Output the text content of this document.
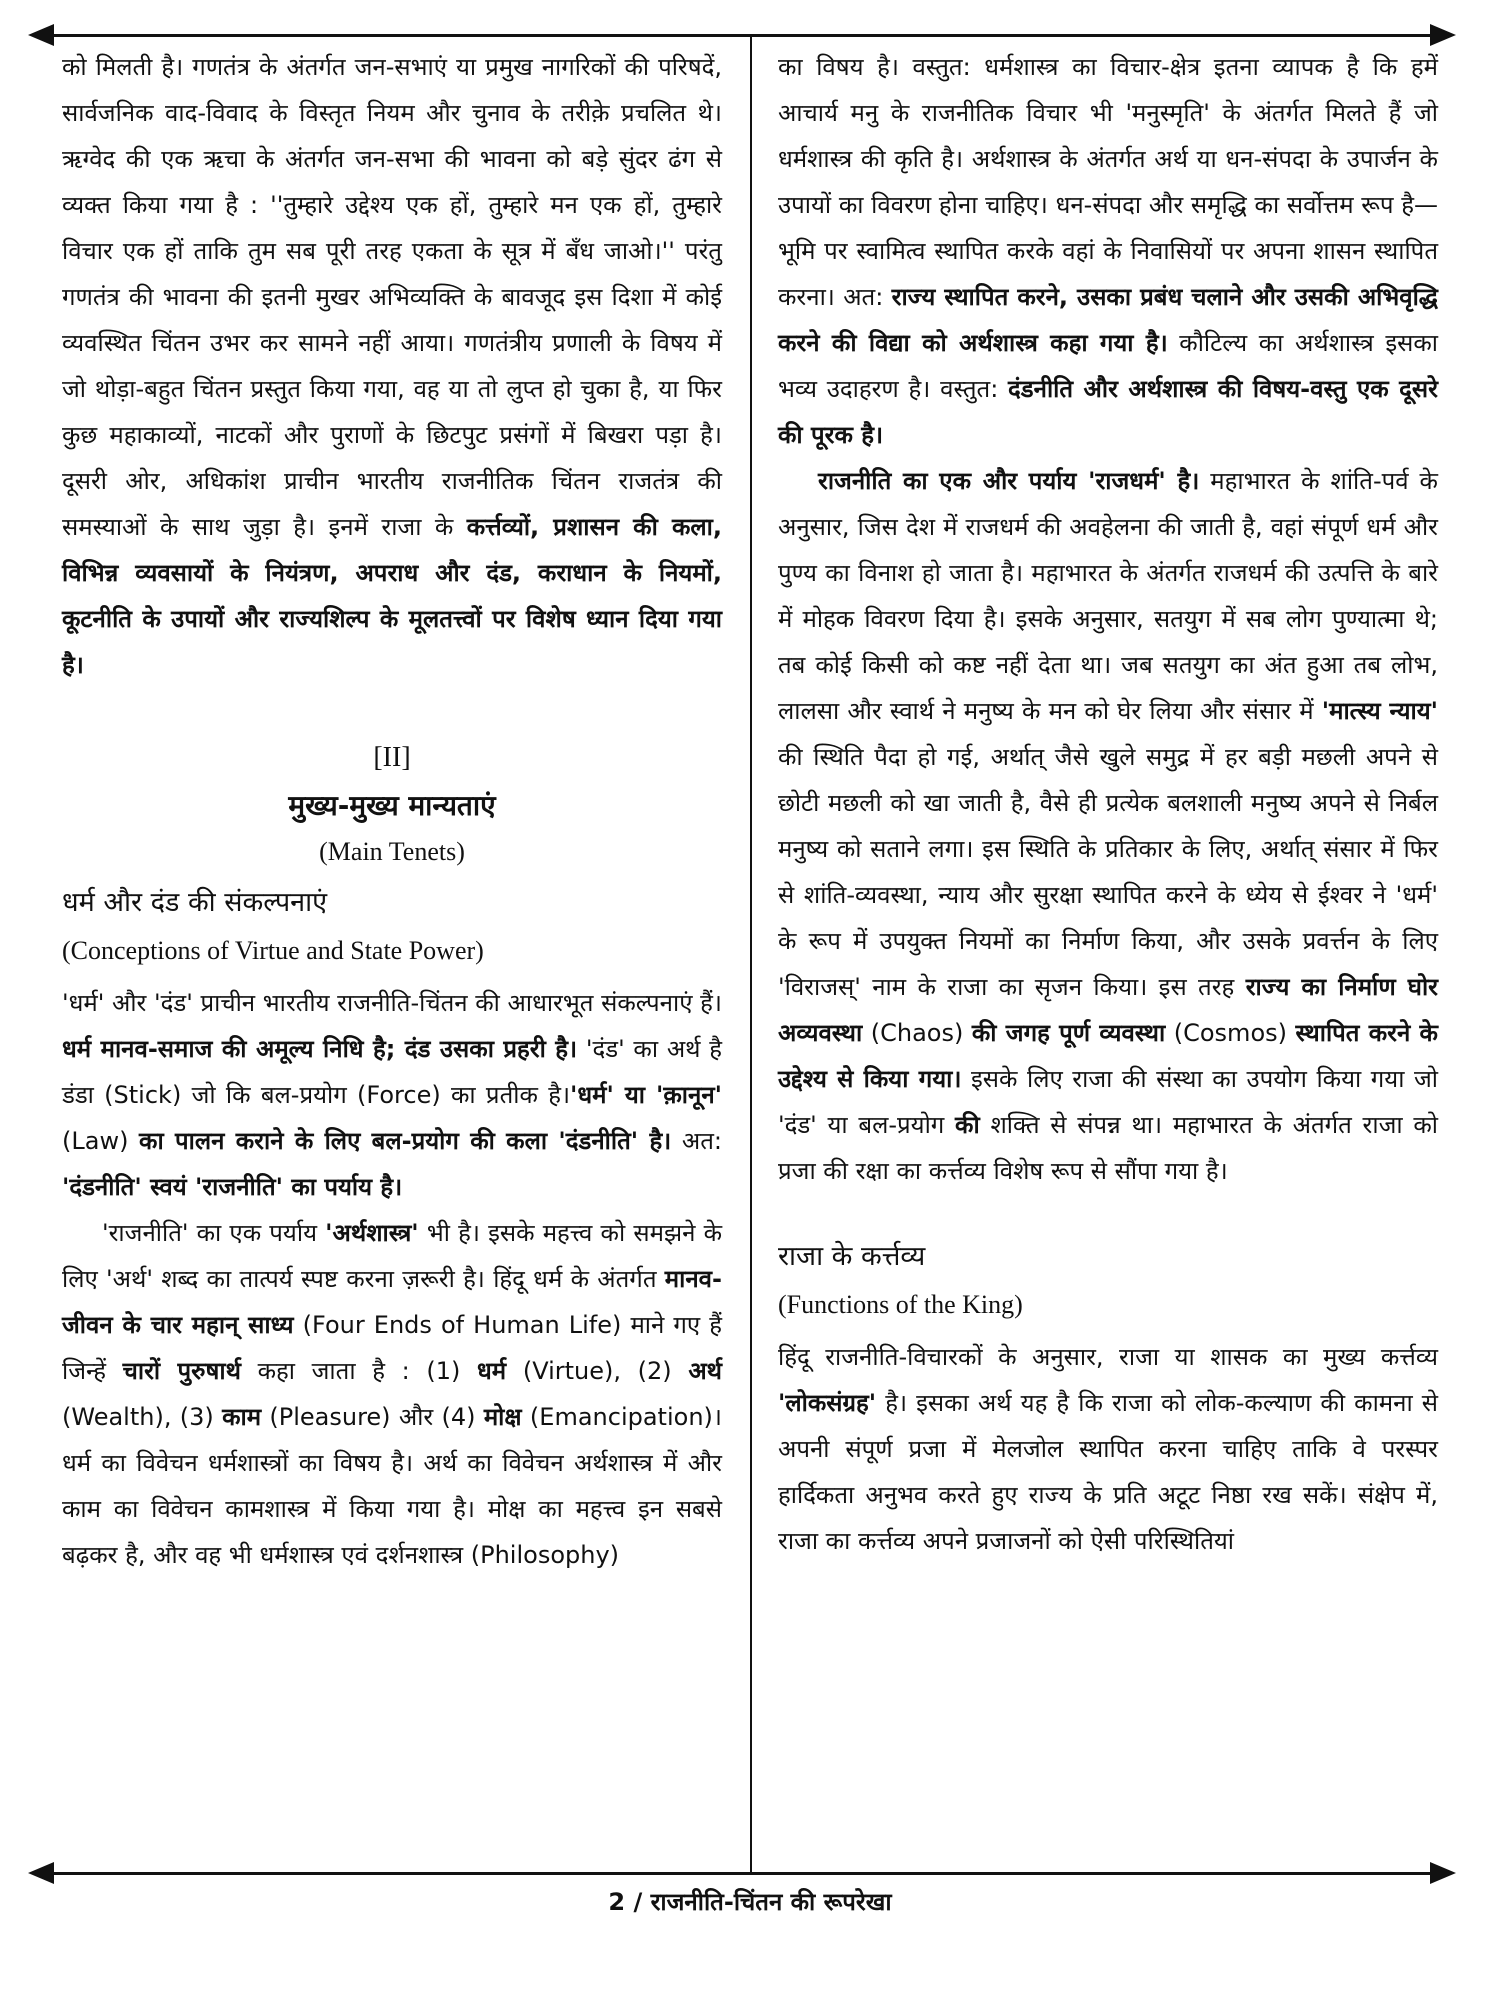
को मिलती है। गणतंत्र के अंतर्गत जन-सभाएं या प्रमुख नागरिकों की परिषदें, सार्वजनिक वाद-विवाद के विस्तृत नियम और चुनाव के तरीक़े प्रचलित थे। ऋग्वेद की एक ऋचा के अंतर्गत जन-सभा की भावना को बड़े सुंदर ढंग से व्यक्त किया गया है : ''तुम्हारे उद्देश्य एक हों, तुम्हारे मन एक हों, तुम्हारे विचार एक हों ताकि तुम सब पूरी तरह एकता के सूत्र में बँध जाओ।'' परंतु गणतंत्र की भावना की इतनी मुखर अभिव्यक्ति के बावजूद इस दिशा में कोई व्यवस्थित चिंतन उभर कर सामने नहीं आया। गणतंत्रीय प्रणाली के विषय में जो थोड़ा-बहुत चिंतन प्रस्तुत किया गया, वह या तो लुप्त हो चुका है, या फिर कुछ महाकाव्यों, नाटकों और पुराणों के छिटपुट प्रसंगों में बिखरा पड़ा है। दूसरी ओर, अधिकांश प्राचीन भारतीय राजनीतिक चिंतन राजतंत्र की समस्याओं के साथ जुड़ा है। इनमें राजा के कर्त्तव्यों, प्रशासन की कला, विभिन्न व्यवसायों के नियंत्रण, अपराध और दंड, कराधान के नियमों, कूटनीति के उपायों और राज्यशिल्प के मूलतत्त्वों पर विशेष ध्यान दिया गया है।

[II]
मुख्य-मुख्य मान्यताएं
(Main Tenets)
धर्म और दंड की संकल्पनाएं
(Conceptions of Virtue and State Power)

'धर्म' और 'दंड' प्राचीन भारतीय राजनीति-चिंतन की आधारभूत संकल्पनाएं हैं। धर्म मानव-समाज की अमूल्य निधि है; दंड उसका प्रहरी है। 'दंड' का अर्थ है डंडा (Stick) जो कि बल-प्रयोग (Force) का प्रतीक है।'धर्म' या 'क़ानून' (Law) का पालन कराने के लिए बल-प्रयोग की कला 'दंडनीति' है। अत: 'दंडनीति' स्वयं 'राजनीति' का पर्याय है।

'राजनीति' का एक पर्याय 'अर्थशास्त्र' भी है। इसके महत्त्व को समझने के लिए 'अर्थ' शब्द का तात्पर्य स्पष्ट करना ज़रूरी है। हिंदू धर्म के अंतर्गत मानव-जीवन के चार महान् साध्य (Four Ends of Human Life) माने गए हैं जिन्हें चारों पुरुषार्थ कहा जाता है : (1) धर्म (Virtue), (2) अर्थ (Wealth), (3) काम (Pleasure) और (4) मोक्ष (Emancipation)। धर्म का विवेचन धर्मशास्त्रों का विषय है। अर्थ का विवेचन अर्थशास्त्र में और काम का विवेचन कामशास्त्र में किया गया है। मोक्ष का महत्त्व इन सबसे बढ़कर है, और वह भी धर्मशास्त्र एवं दर्शनशास्त्र (Philosophy)

का विषय है। वस्तुत: धर्मशास्त्र का विचार-क्षेत्र इतना व्यापक है कि हमें आचार्य मनु के राजनीतिक विचार भी 'मनुस्मृति' के अंतर्गत मिलते हैं जो धर्मशास्त्र की कृति है। अर्थशास्त्र के अंतर्गत अर्थ या धन-संपदा के उपार्जन के उपायों का विवरण होना चाहिए। धन-संपदा और समृद्धि का सर्वोत्तम रूप है—भूमि पर स्वामित्व स्थापित करके वहां के निवासियों पर अपना शासन स्थापित करना। अत: राज्य स्थापित करने, उसका प्रबंध चलाने और उसकी अभिवृद्धि करने की विद्या को अर्थशास्त्र कहा गया है। कौटिल्य का अर्थशास्त्र इसका भव्य उदाहरण है। वस्तुत: दंडनीति और अर्थशास्त्र की विषय-वस्तु एक दूसरे की पूरक है।

राजनीति का एक और पर्याय 'राजधर्म' है। महाभारत के शांति-पर्व के अनुसार, जिस देश में राजधर्म की अवहेलना की जाती है, वहां संपूर्ण धर्म और पुण्य का विनाश हो जाता है। महाभारत के अंतर्गत राजधर्म की उत्पत्ति के बारे में मोहक विवरण दिया है। इसके अनुसार, सतयुग में सब लोग पुण्यात्मा थे; तब कोई किसी को कष्ट नहीं देता था। जब सतयुग का अंत हुआ तब लोभ, लालसा और स्वार्थ ने मनुष्य के मन को घेर लिया और संसार में 'मात्स्य न्याय' की स्थिति पैदा हो गई, अर्थात् जैसे खुले समुद्र में हर बड़ी मछली अपने से छोटी मछली को खा जाती है, वैसे ही प्रत्येक बलशाली मनुष्य अपने से निर्बल मनुष्य को सताने लगा। इस स्थिति के प्रतिकार के लिए, अर्थात् संसार में फिर से शांति-व्यवस्था, न्याय और सुरक्षा स्थापित करने के ध्येय से ईश्वर ने 'धर्म' के रूप में उपयुक्त नियमों का निर्माण किया, और उसके प्रवर्त्तन के लिए 'विराजस्' नाम के राजा का सृजन किया। इस तरह राज्य का निर्माण घोर अव्यवस्था (Chaos) की जगह पूर्ण व्यवस्था (Cosmos) स्थापित करने के उद्देश्य से किया गया। इसके लिए राजा की संस्था का उपयोग किया गया जो 'दंड' या बल-प्रयोग की शक्ति से संपन्न था। महाभारत के अंतर्गत राजा को प्रजा की रक्षा का कर्त्तव्य विशेष रूप से सौंपा गया है।

राजा के कर्त्तव्य
(Functions of the King)

हिंदू राजनीति-विचारकों के अनुसार, राजा या शासक का मुख्य कर्त्तव्य 'लोकसंग्रह' है। इसका अर्थ यह है कि राजा को लोक-कल्याण की कामना से अपनी संपूर्ण प्रजा में मेलजोल स्थापित करना चाहिए ताकि वे परस्पर हार्दिकता अनुभव करते हुए राज्य के प्रति अटूट निष्ठा रख सकें। संक्षेप में, राजा का कर्त्तव्य अपने प्रजाजनों को ऐसी परिस्थितियां

2 / राजनीति-चिंतन की रूपरेखा
